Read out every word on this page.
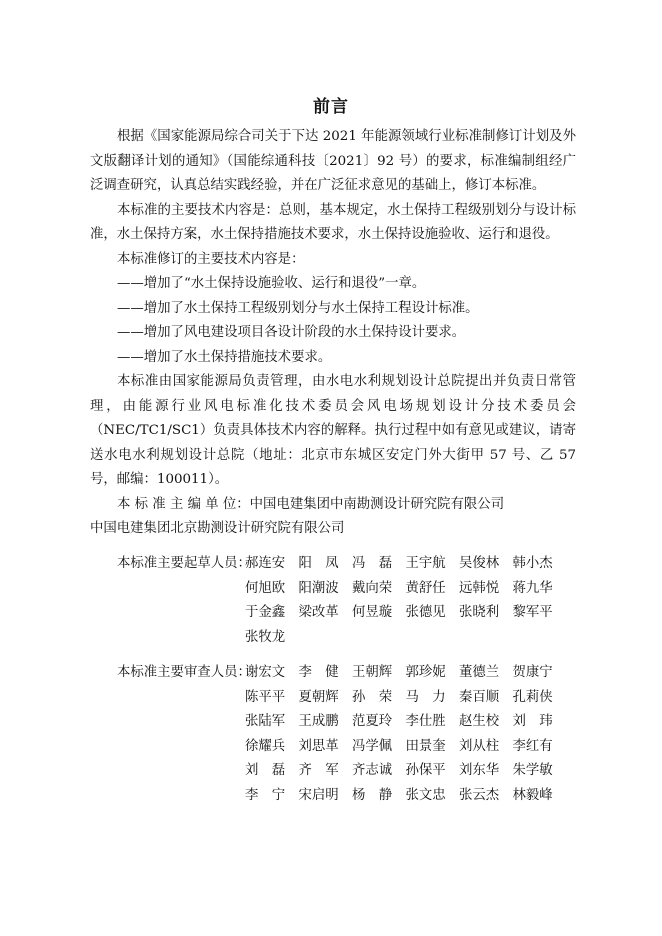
前言

根据《国家能源局综合司关于下达 2021 年能源领域行业标准制修订计划及外文版翻译计划的通知》（国能综通科技〔2021〕92 号）的要求，标准编制组经广泛调查研究，认真总结实践经验，并在广泛征求意见的基础上，修订本标准。

本标准的主要技术内容是：总则，基本规定，水土保持工程级别划分与设计标准，水土保持方案，水土保持措施技术要求，水土保持设施验收、运行和退役。

本标准修订的主要技术内容是：

——增加了“水土保持设施验收、运行和退役”一章。

——增加了水土保持工程级别划分与水土保持工程设计标准。

——增加了风电建设项目各设计阶段的水土保持设计要求。

——增加了水土保持措施技术要求。

本标准由国家能源局负责管理，由水电水利规划设计总院提出并负责日常管理，由能源行业风电标准化技术委员会风电场规划设计分技术委员会（NEC/TC1/SC1）负责具体技术内容的解释。执行过程中如有意见或建议，请寄送水电水利规划设计总院（地址：北京市东城区安定门外大街甲 57 号、乙 57 号，邮编：100011）。

本 标 准 主 编 单 位：中国电建集团中南勘测设计研究院有限公司

中国电建集团北京勘测设计研究院有限公司

本标准主要起草人员：
郝连安 阳　凤 冯　磊 王宇航 吴俊林 韩小杰
何旭欧 阳潮波 戴向荣 黄舒任 远韩悦 蒋九华
于金鑫 梁改革 何昱璇 张德见 张晓利 黎军平
张牧龙
本标准主要审查人员：
谢宏文 李　健 王朝辉 郭珍妮 董德兰 贺康宁
陈平平 夏朝辉 孙　荣 马　力 秦百顺 孔莉侠
张陆军 王成鹏 范夏玲 李仕胜 赵生校 刘　玮
徐耀兵 刘思革 冯学佩 田景奎 刘从柱 李红有
刘　磊 齐　军 齐志诚 孙保平 刘东华 朱学敏
李　宁 宋启明 杨　静 张文忠 张云杰 林毅峰
